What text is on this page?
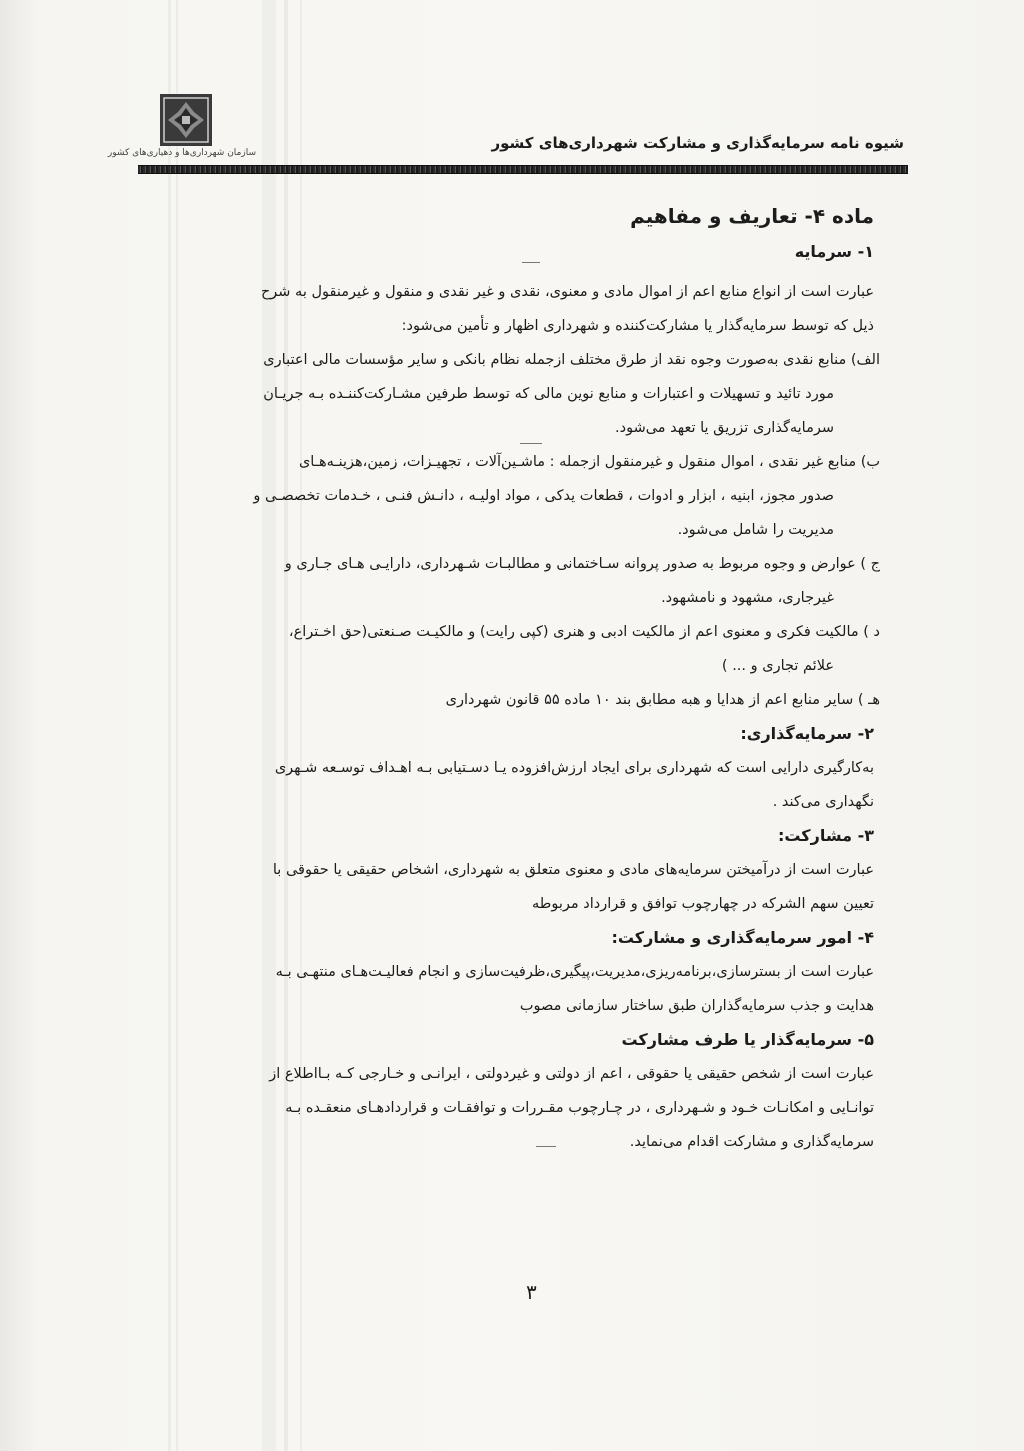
سازمان شهرداری‌ها و دهیاری‌های کشور
شیوه نامه سرمایه‌گذاری و مشارکت شهرداری‌های کشور
ماده ۴- تعاریف و مفاهیم
۱- سرمایه
عبارت است از انواع منابع اعم از اموال مادی و معنوی، نقدی و غیر نقدی و منقول و غیرمنقول به شرح
ذیل که توسط سرمایه‌گذار یا مشارکت‌کننده و شهرداری اظهار و تأمین می‌شود:
الف) منابع نقدی به‌صورت وجوه نقد از طرق مختلف ازجمله نظام بانکی و سایر مؤسسات مالی اعتباری
مورد تائید و تسهیلات و اعتبارات و منابع نوین مالی که توسط طرفین مشـارکت‌کننـده بـه جریـان
سرمایه‌گذاری تزریق یا تعهد می‌شود.
ب) منابع غیر نقدی ، اموال منقول و غیرمنقول ازجمله : ماشـین‌آلات ، تجهیـزات، زمین،هزینـه‌هـای
صدور مجوز، ابنیه ، ابزار و ادوات ، قطعات یدکی ، مواد اولیـه ، دانـش فنـی ، خـدمات تخصصـی و
مدیریت را شامل می‌شود.
ج ) عوارض و وجوه مربوط به صدور پروانه سـاختمانی و مطالبـات شـهرداری، دارایـی هـای جـاری و
غیرجاری، مشهود و نامشهود.
د ) مالکیت فکری و معنوی اعم از مالکیت ادبی و هنری (کپی رایت) و مالکیـت صـنعتی(حق اخـتراع،
علائم تجاری و ... )
هـ ) سایر منابع اعم از هدایا و هبه مطابق بند ۱۰ ماده ۵۵ قانون شهرداری
۲- سرمایه‌گذاری:
به‌کارگیری دارایی است که شهرداری برای ایجاد ارزش‌افزوده یـا دسـتیابی بـه اهـداف توسـعه شـهری
نگهداری می‌کند .
۳- مشارکت:
عبارت است از درآمیختن سرمایه‌های مادی و معنوی متعلق به شهرداری، اشخاص حقیقی یا حقوقی با
تعیین سهم الشرکه در چهارچوب توافق و قرارداد مربوطه
۴- امور سرمایه‌گذاری و مشارکت:
عبارت است از بسترسازی،برنامه‌ریزی،مدیریت،پیگیری،ظرفیت‌سازی و انجام فعالیـت‌هـای منتهـی بـه
هدایت و جذب سرمایه‌گذاران طبق ساختار سازمانی مصوب
۵- سرمایه‌گذار یا طرف مشارکت
عبارت است از شخص حقیقی یا حقوقی ، اعم از دولتی و غیردولتی ، ایرانـی و خـارجی کـه بـااطلاع از
توانـایی و امکانـات خـود و شـهرداری ، در چـارچوب مقـررات و توافقـات و قراردادهـای منعقـده بـه
سرمایه‌گذاری و مشارکت اقدام می‌نماید.
۳
